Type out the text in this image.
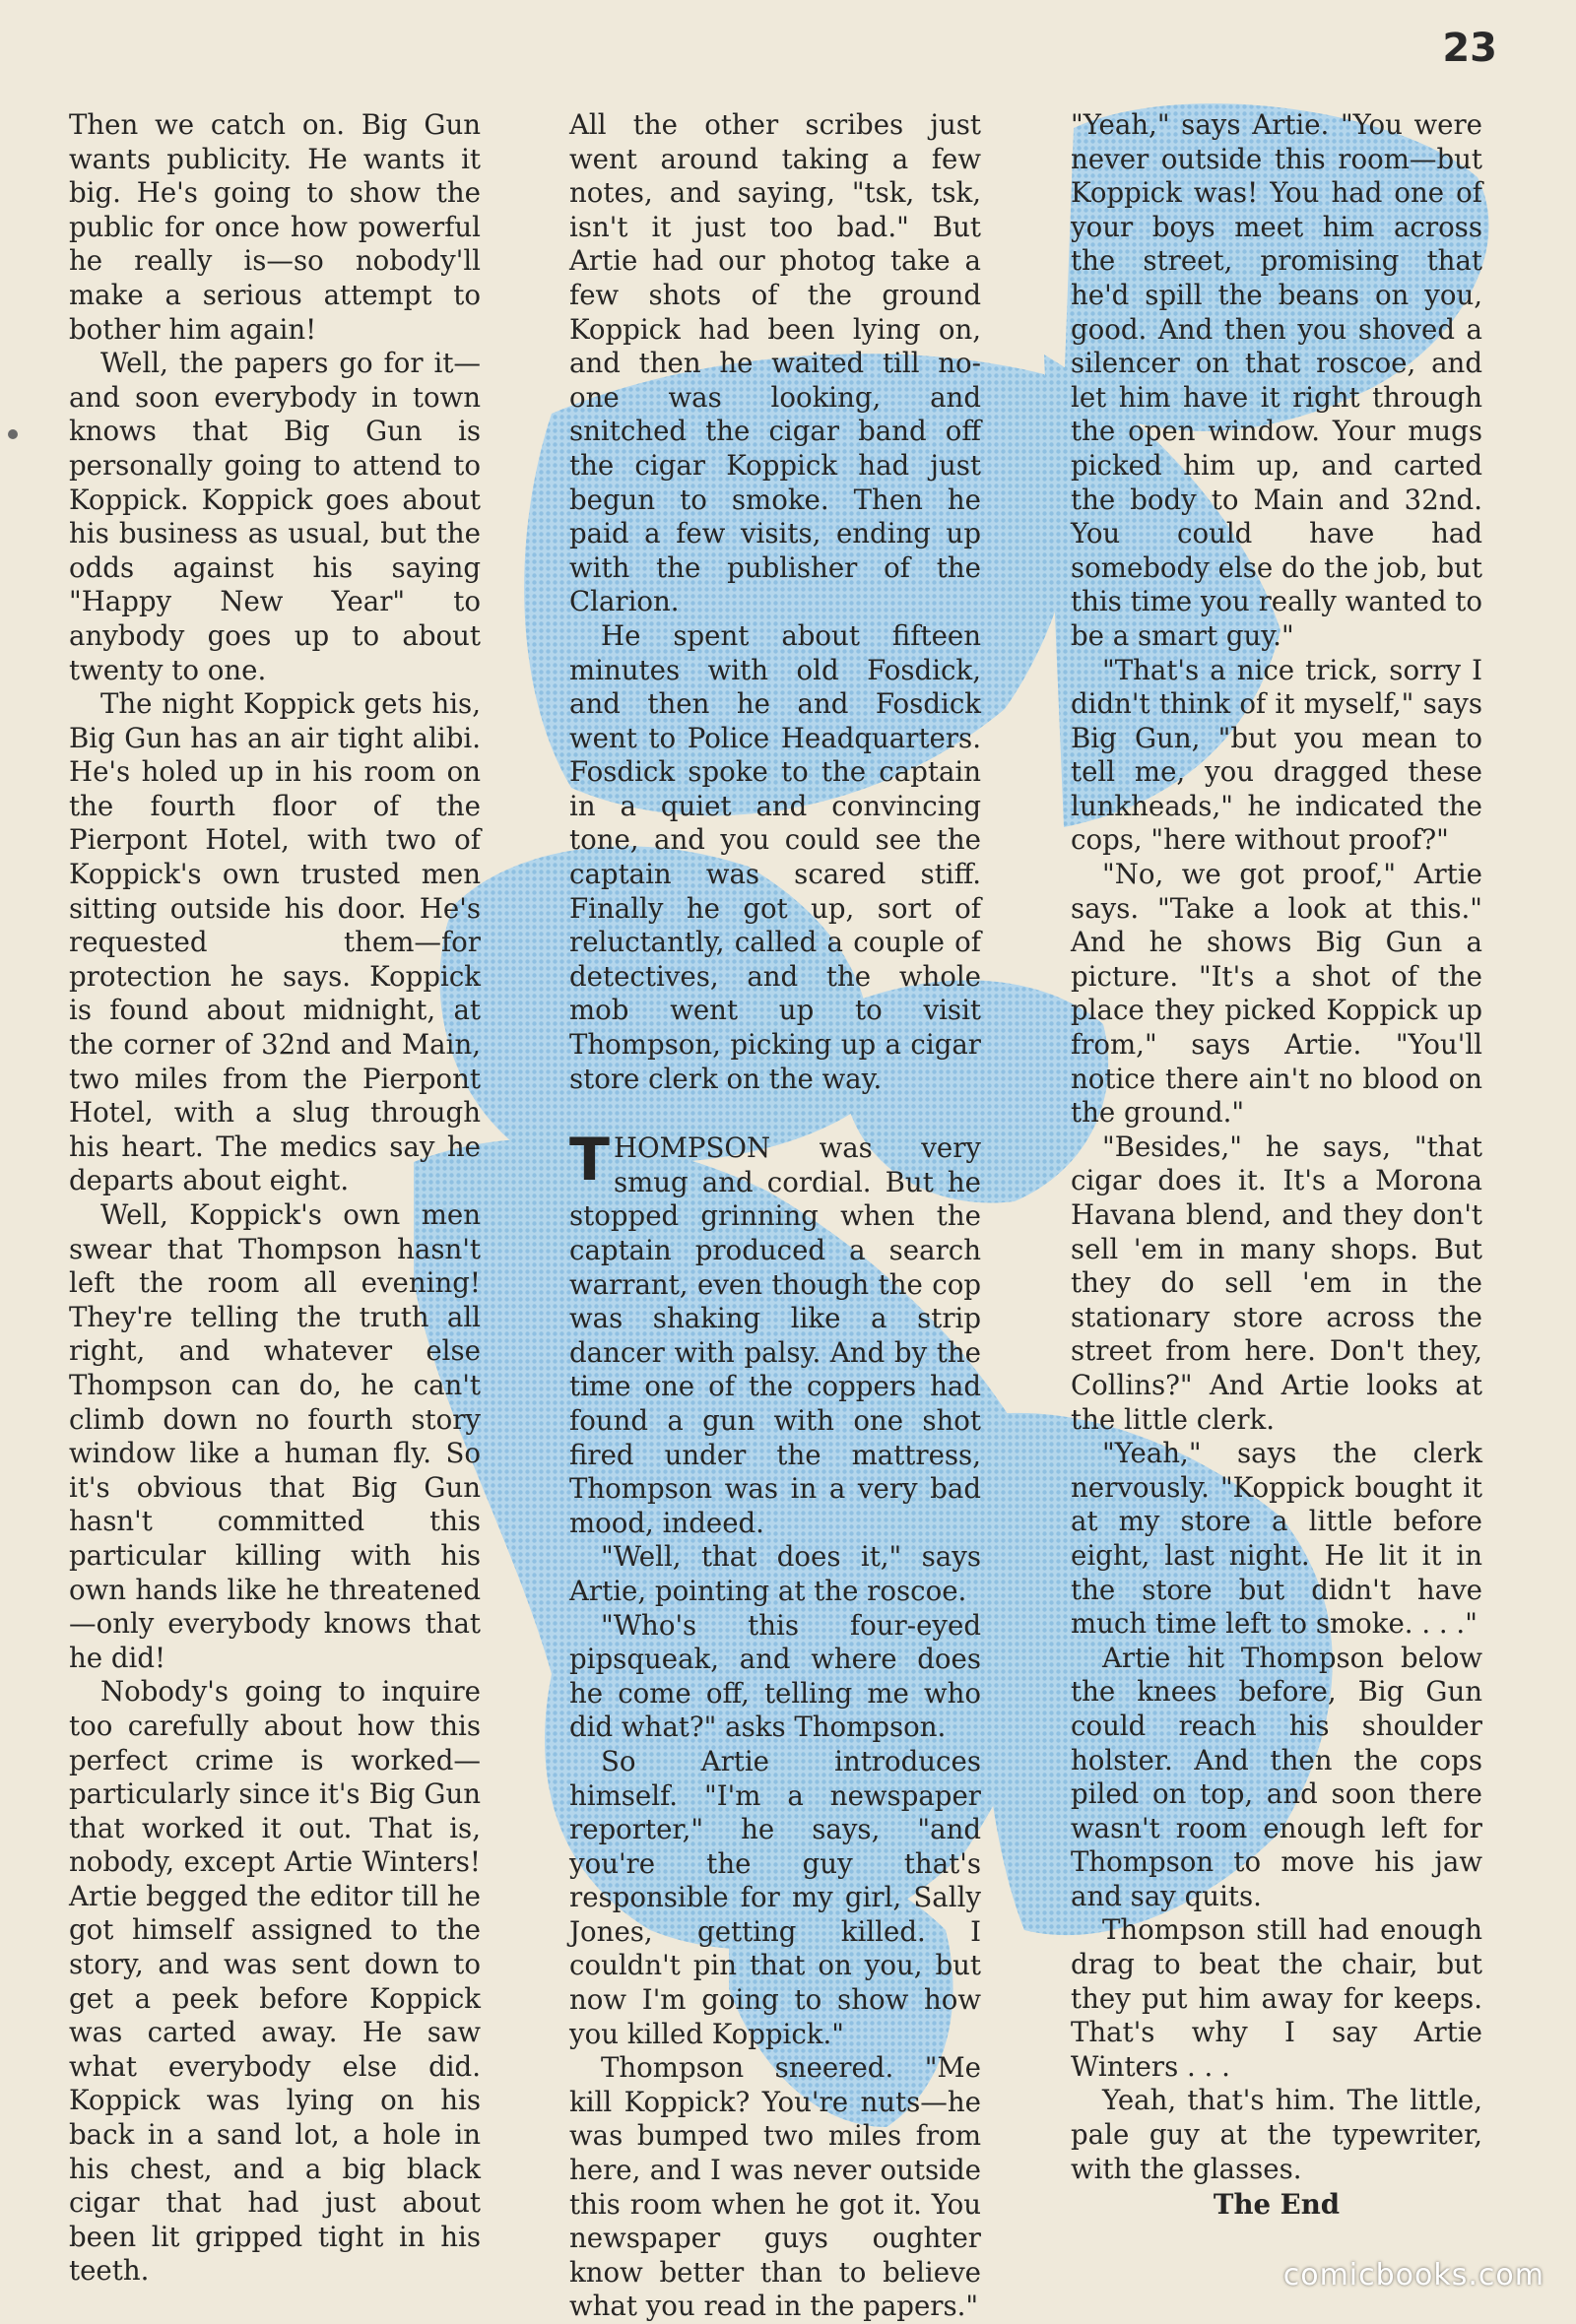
23

Then we catch on. Big Gun wants publicity. He wants it big. He's going to show the public for once how powerful he really is—so nobody'll make a serious attempt to bother him again!

Well, the papers go for it—and soon everybody in town knows that Big Gun is personally going to attend to Koppick. Koppick goes about his business as usual, but the odds against his saying "Happy New Year" to anybody goes up to about twenty to one.

The night Koppick gets his, Big Gun has an air tight alibi. He's holed up in his room on the fourth floor of the Pierpont Hotel, with two of Koppick's own trusted men sitting outside his door. He's requested them—for protection he says. Koppick is found about midnight, at the corner of 32nd and Main, two miles from the Pierpont Hotel, with a slug through his heart. The medics say he departs about eight.

Well, Koppick's own men swear that Thompson hasn't left the room all evening! They're telling the truth all right, and whatever else Thompson can do, he can't climb down no fourth story window like a human fly. So it's obvious that Big Gun hasn't committed this particular killing with his own hands like he threatened—only everybody knows that he did!

Nobody's going to inquire too carefully about how this perfect crime is worked—particularly since it's Big Gun that worked it out. That is, nobody, except Artie Winters! Artie begged the editor till he got himself assigned to the story, and was sent down to get a peek before Koppick was carted away. He saw what everybody else did. Koppick was lying on his back in a sand lot, a hole in his chest, and a big black cigar that had just about been lit gripped tight in his teeth.

All the other scribes just went around taking a few notes, and saying, "tsk, tsk, isn't it just too bad." But Artie had our photog take a few shots of the ground Koppick had been lying on, and then he waited till no-one was looking, and snitched the cigar band off the cigar Koppick had just begun to smoke. Then he paid a few visits, ending up with the publisher of the Clarion.

He spent about fifteen minutes with old Fosdick, and then he and Fosdick went to Police Headquarters. Fosdick spoke to the captain in a quiet and convincing tone, and you could see the captain was scared stiff. Finally he got up, sort of reluctantly, called a couple of detectives, and the whole mob went up to visit Thompson, picking up a cigar store clerk on the way.

THOMPSON was very smug and cordial. But he stopped grinning when the captain produced a search warrant, even though the cop was shaking like a strip dancer with palsy. And by the time one of the coppers had found a gun with one shot fired under the mattress, Thompson was in a very bad mood, indeed.

"Well, that does it," says Artie, pointing at the roscoe.

"Who's this four-eyed pipsqueak, and where does he come off, telling me who did what?" asks Thompson.

So Artie introduces himself. "I'm a newspaper reporter," he says, "and you're the guy that's responsible for my girl, Sally Jones, getting killed. I couldn't pin that on you, but now I'm going to show how you killed Koppick."

Thompson sneered. "Me kill Koppick? You're nuts—he was bumped two miles from here, and I was never outside this room when he got it. You newspaper guys oughter know better than to believe what you read in the papers."

"Yeah," says Artie. "You were never outside this room—but Koppick was! You had one of your boys meet him across the street, promising that he'd spill the beans on you, good. And then you shoved a silencer on that roscoe, and let him have it right through the open window. Your mugs picked him up, and carted the body to Main and 32nd. You could have had somebody else do the job, but this time you really wanted to be a smart guy."

"That's a nice trick, sorry I didn't think of it myself," says Big Gun, "but you mean to tell me, you dragged these lunkheads," he indicated the cops, "here without proof?"

"No, we got proof," Artie says. "Take a look at this." And he shows Big Gun a picture. "It's a shot of the place they picked Koppick up from," says Artie. "You'll notice there ain't no blood on the ground."

"Besides," he says, "that cigar does it. It's a Morona Havana blend, and they don't sell 'em in many shops. But they do sell 'em in the stationary store across the street from here. Don't they, Collins?" And Artie looks at the little clerk.

"Yeah," says the clerk nervously. "Koppick bought it at my store a little before eight, last night. He lit it in the store but didn't have much time left to smoke. . . ."

Artie hit Thompson below the knees before, Big Gun could reach his shoulder holster. And then the cops piled on top, and soon there wasn't room enough left for Thompson to move his jaw and say quits.

Thompson still had enough drag to beat the chair, but they put him away for keeps. That's why I say Artie Winters . . .

Yeah, that's him. The little, pale guy at the typewriter, with the glasses.

The End

comicbooks.com
